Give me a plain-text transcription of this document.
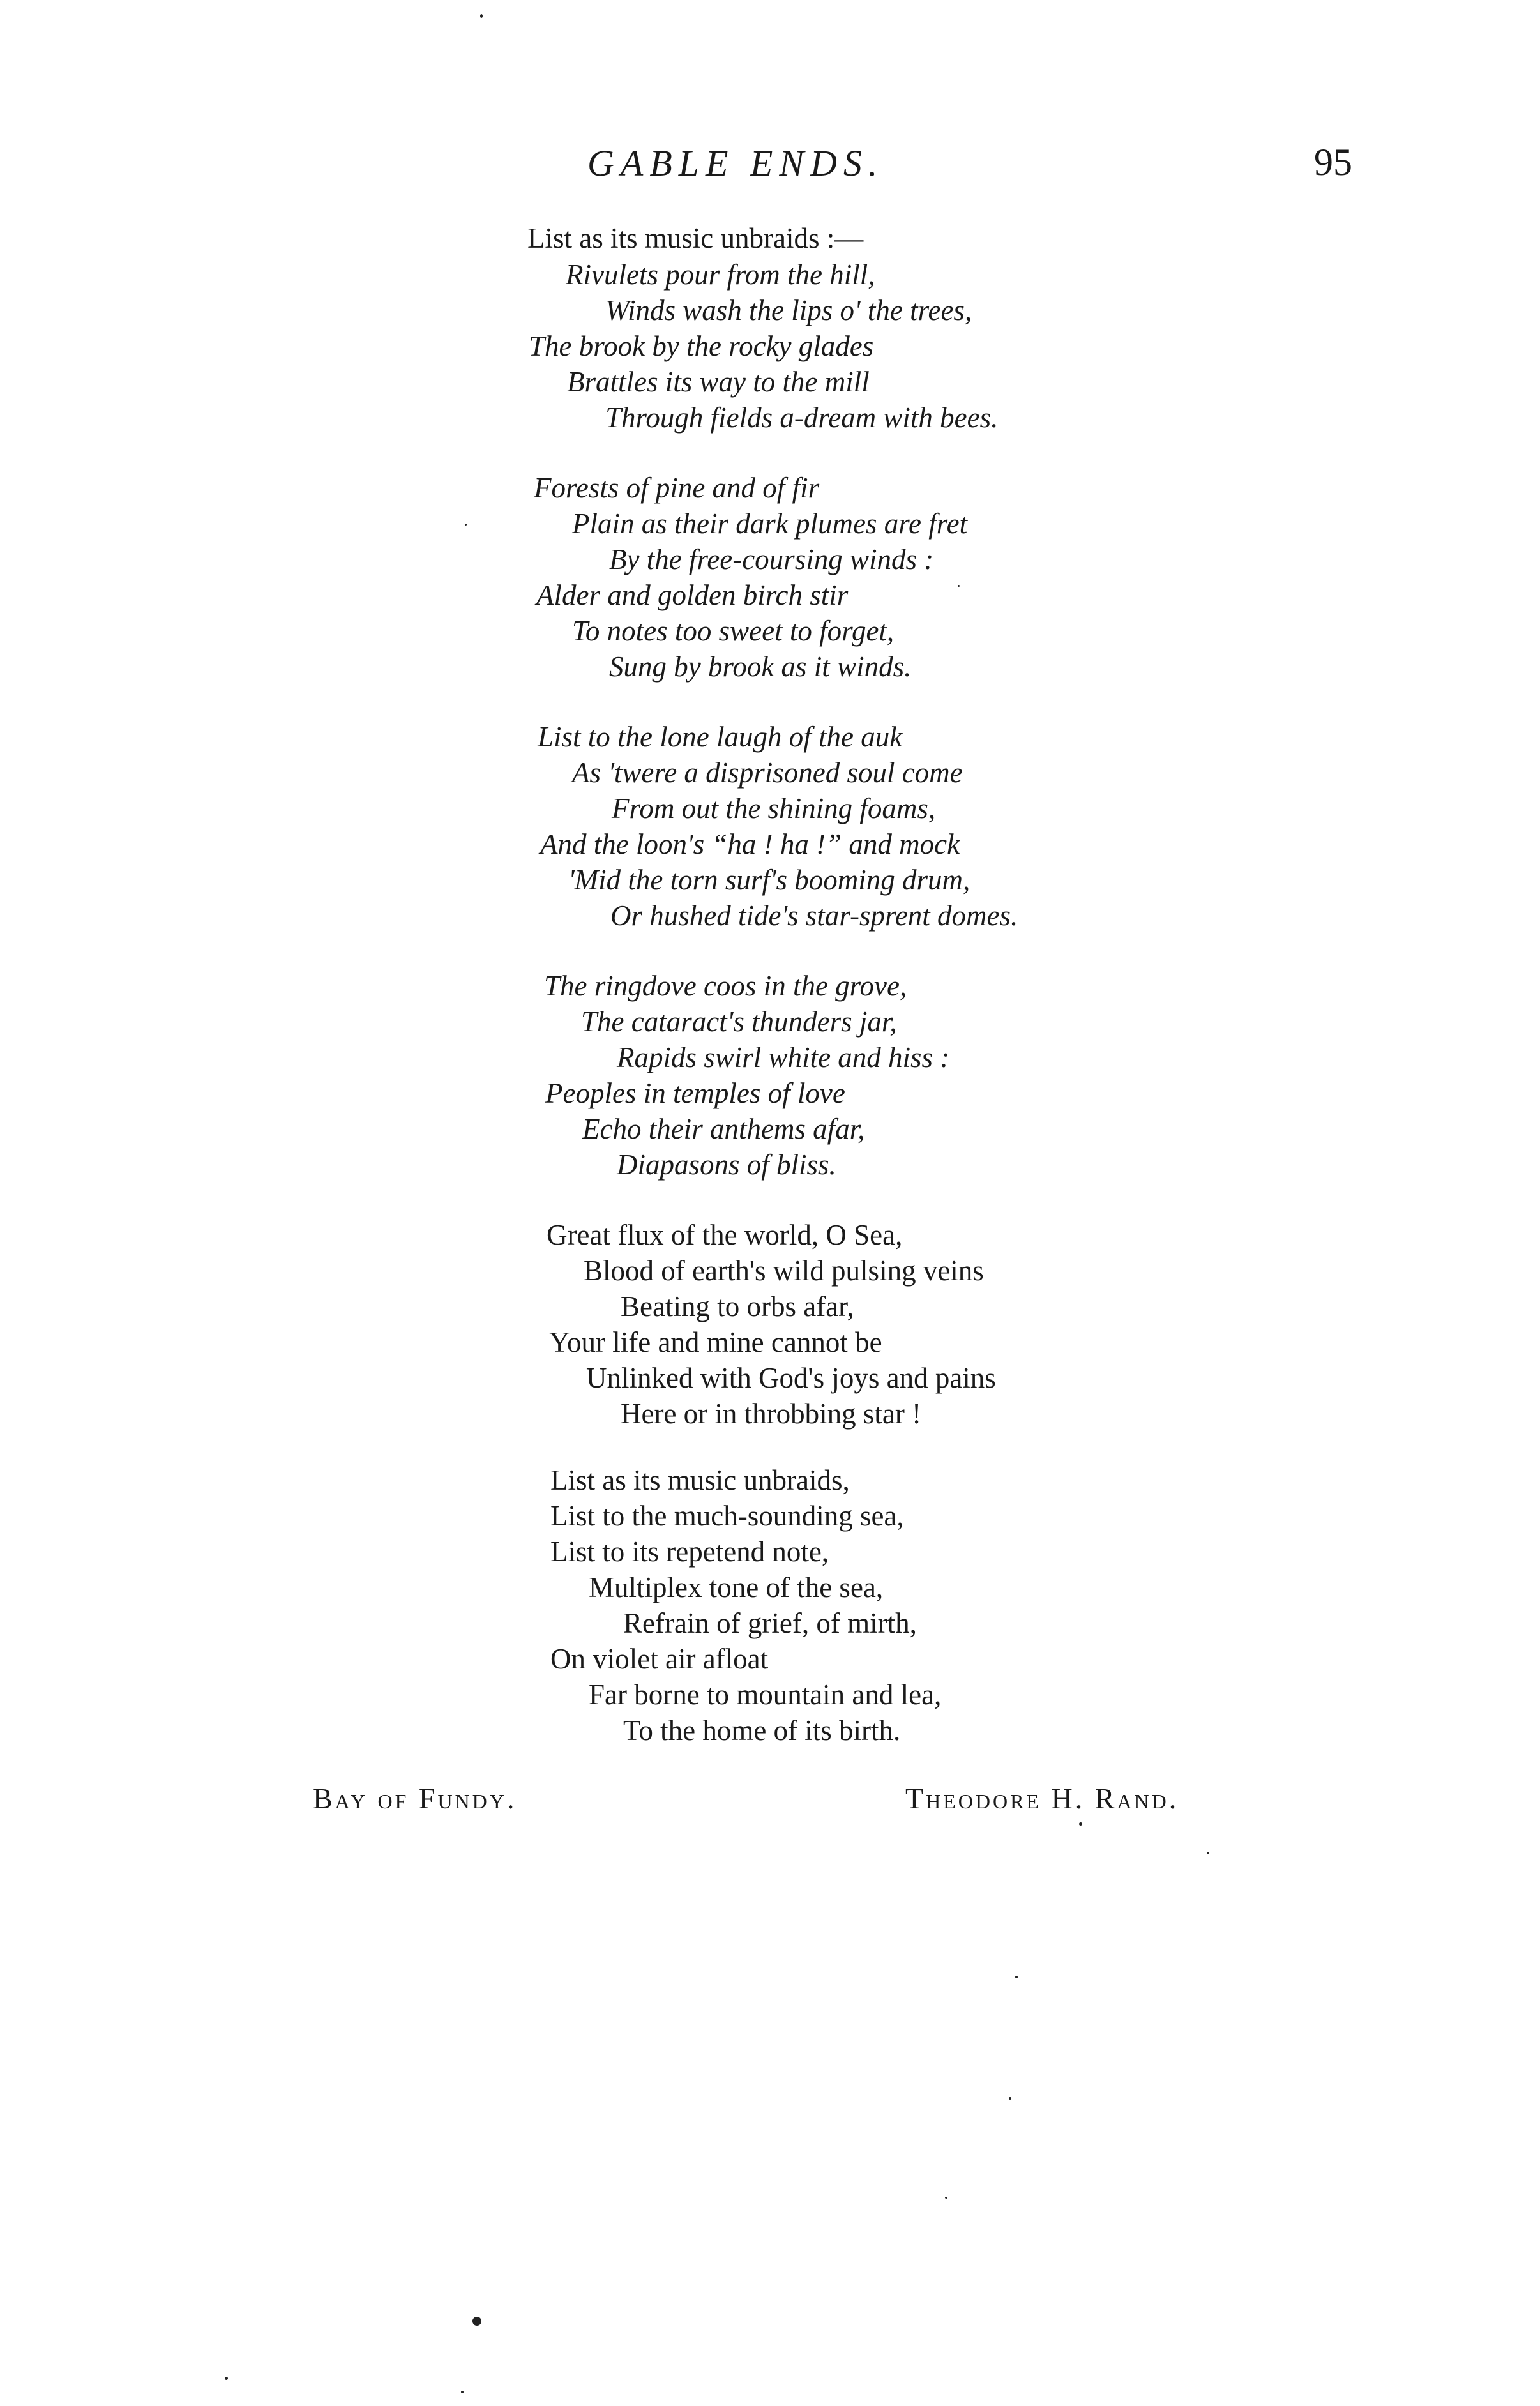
GABLE ENDS.	95
List as its music unbraids :—
Rivulets pour from the hill,
Winds wash the lips o' the trees,
The brook by the rocky glades
Brattles its way to the mill
Through fields a-dream with bees.
Forests of pine and of fir
Plain as their dark plumes are fret
By the free-coursing winds :
Alder and golden birch stir
To notes too sweet to forget,
Sung by brook as it winds.
List to the lone laugh of the auk
As 'twere a disprisoned soul come
From out the shining foams,
And the loon's “ha ! ha !” and mock
'Mid the torn surf's booming drum,
Or hushed tide's star-sprent domes.
The ringdove coos in the grove,
The cataract's thunders jar,
Rapids swirl white and hiss :
Peoples in temples of love
Echo their anthems afar,
Diapasons of bliss.
Great flux of the world, O Sea,
Blood of earth's wild pulsing veins
Beating to orbs afar,
Your life and mine cannot be
Unlinked with God's joys and pains
Here or in throbbing star !
List as its music unbraids,
List to the much-sounding sea,
List to its repetend note,
Multiplex tone of the sea,
Refrain of grief, of mirth,
On violet air afloat
Far borne to mountain and lea,
To the home of its birth.
Bay of Fundy.	Theodore H. Rand.
